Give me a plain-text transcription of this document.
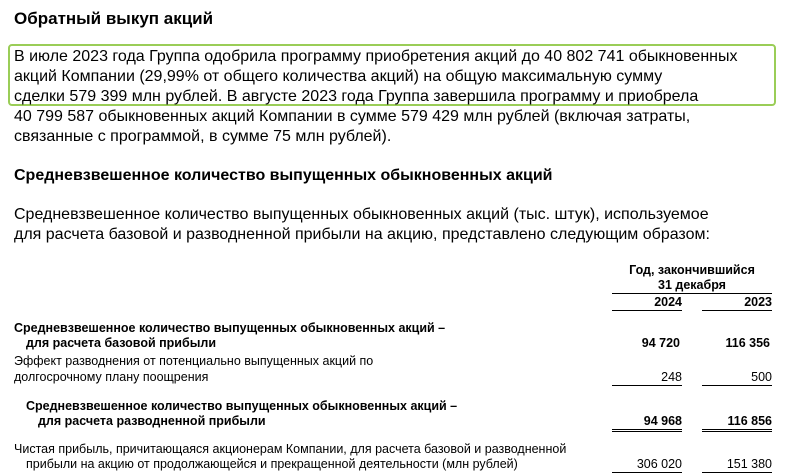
Обратный выкуп акций
В июле 2023 года Группа одобрила программу приобретения акций до 40 802 741 обыкновенных
акций Компании (29,99% от общего количества акций) на общую максимальную сумму
сделки 579 399 млн рублей. В августе 2023 года Группа завершила программу и приобрела
40 799 587 обыкновенных акций Компании в сумме 579 429 млн рублей (включая затраты,
связанные с программой, в сумме 75 млн рублей).
Средневзвешенное количество выпущенных обыкновенных акций
Средневзвешенное количество выпущенных обыкновенных акций (тыс. штук), используемое
для расчета базовой и разводненной прибыли на акцию, представлено следующим образом:
Год, закончившийся
31 декабря
2024	2023
Средневзвешенное количество выпущенных обыкновенных акций –
для расчета базовой прибыли	94 720	116 356
Эффект разводнения от потенциально выпущенных акций по
долгосрочному плану поощрения	248	500
Средневзвешенное количество выпущенных обыкновенных акций –
для расчета разводненной прибыли	94 968	116 856
Чистая прибыль, причитающаяся акционерам Компании, для расчета базовой и разводненной
прибыли на акцию от продолжающейся и прекращенной деятельности (млн рублей)	306 020	151 380
